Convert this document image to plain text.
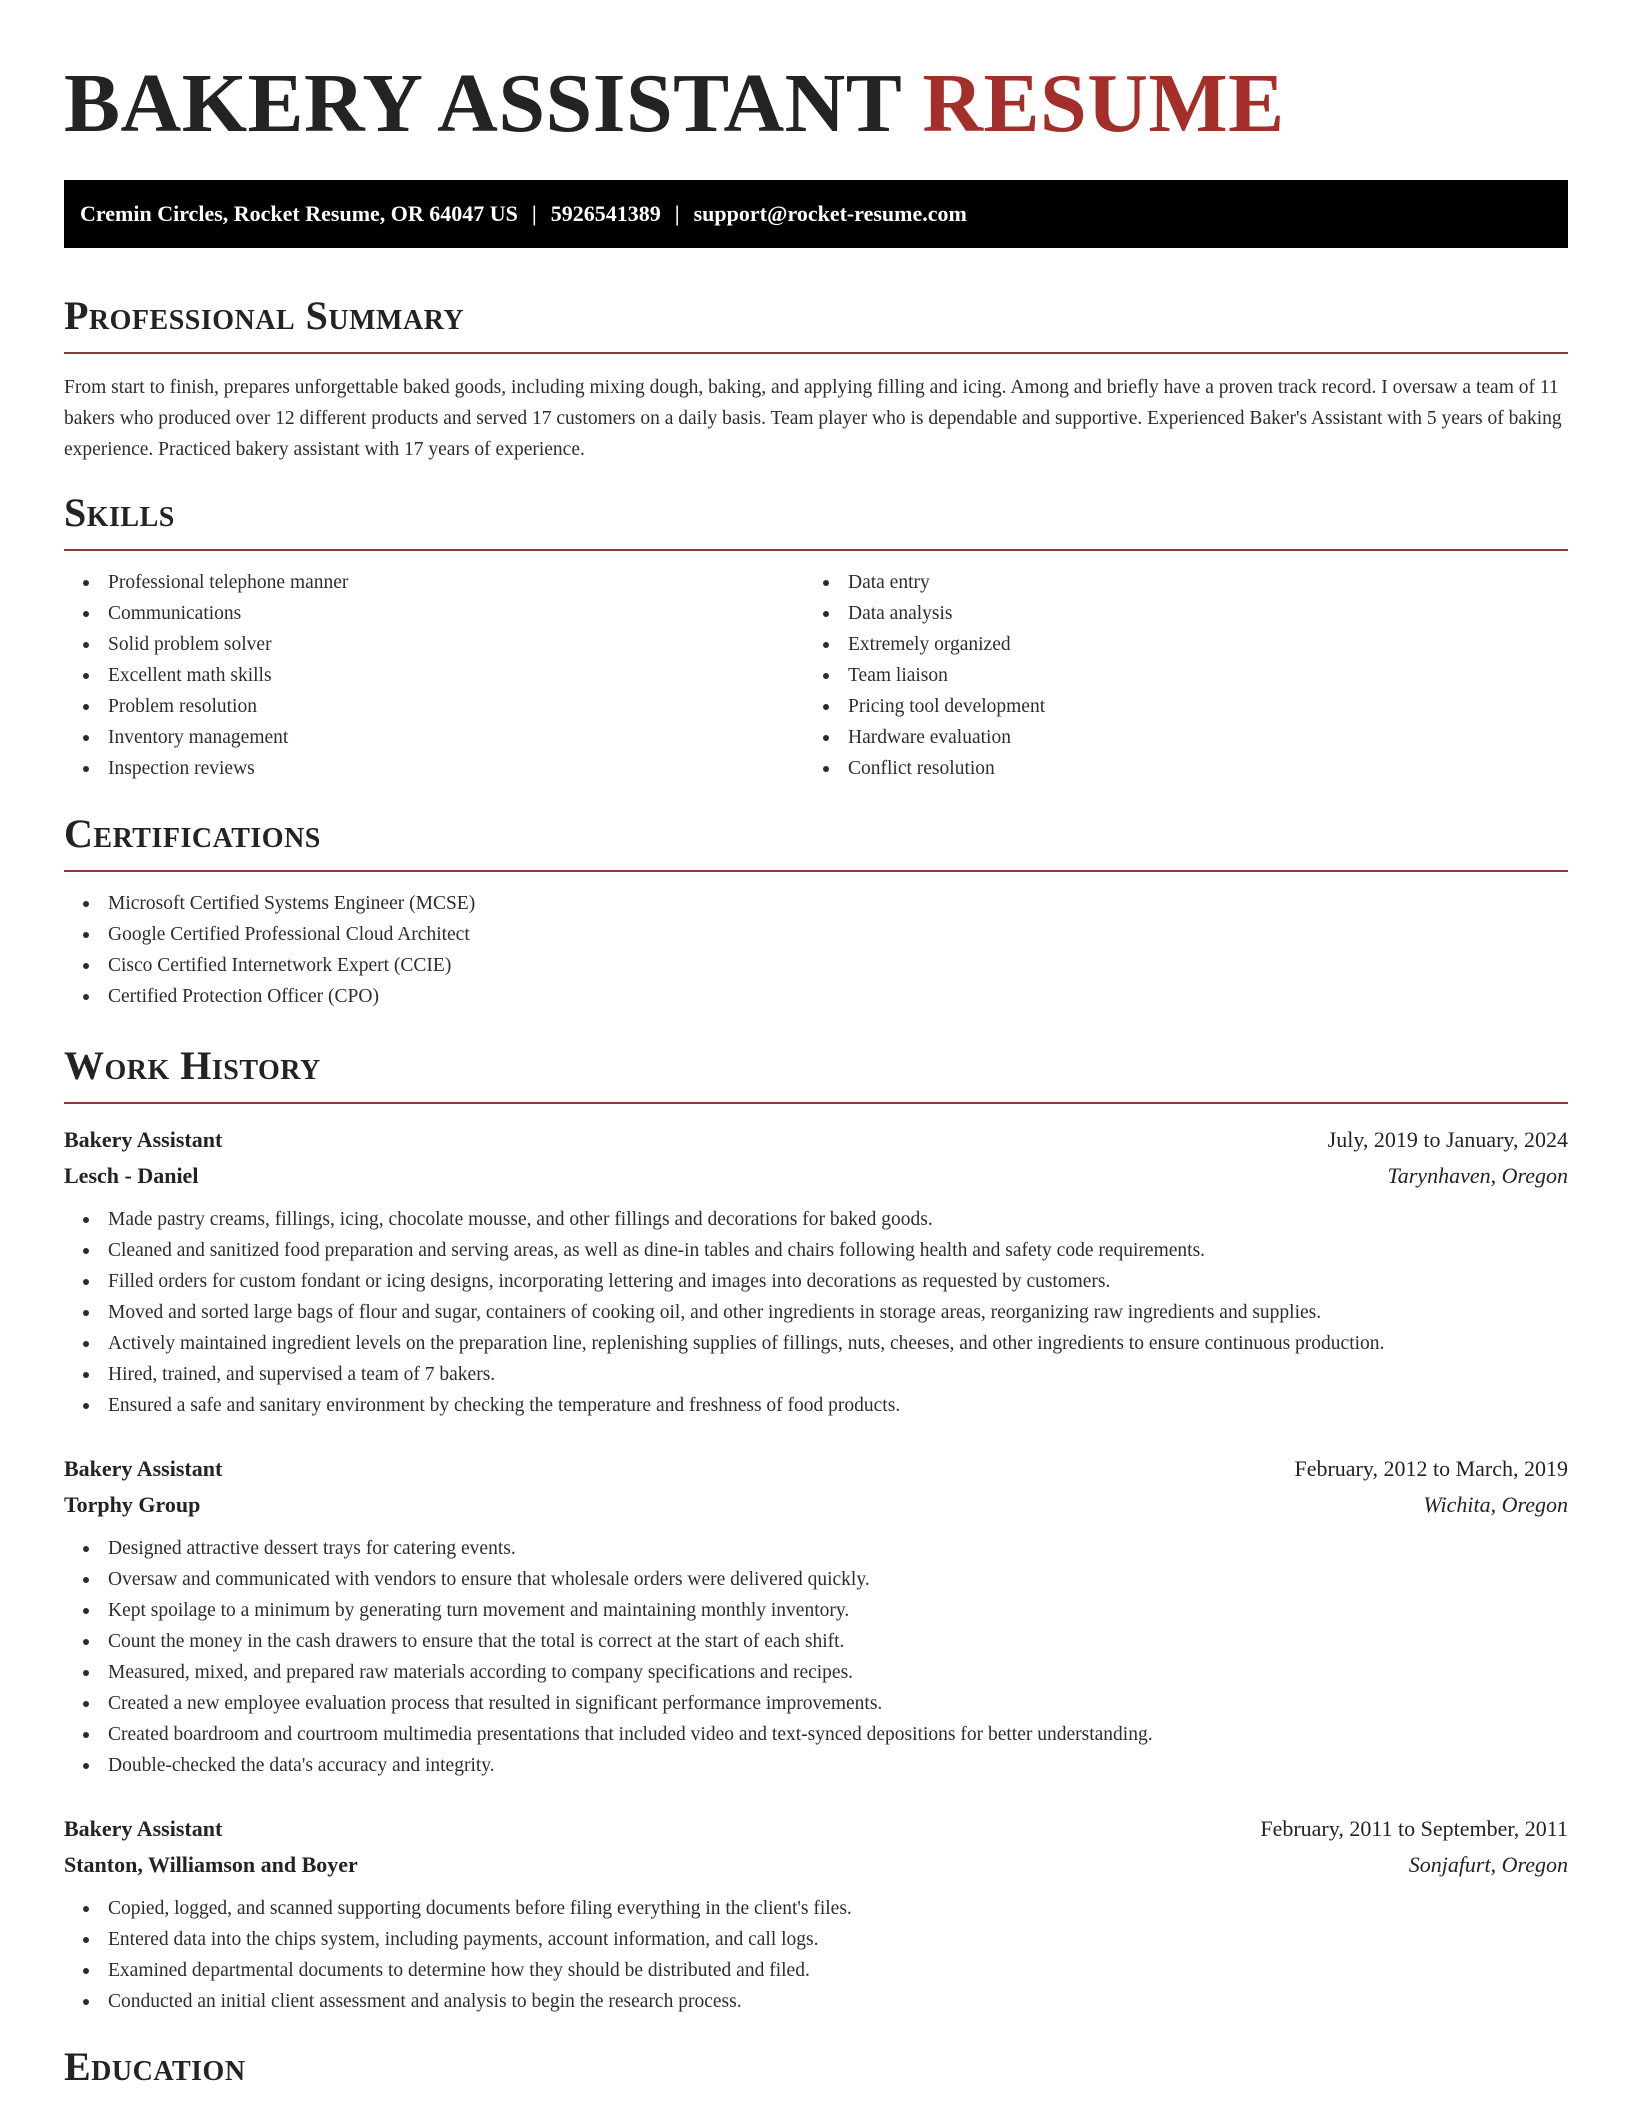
BAKERY ASSISTANT RESUME
Cremin Circles, Rocket Resume, OR 64047 US | 5926541389 | support@rocket-resume.com
Professional Summary

From start to finish, prepares unforgettable baked goods, including mixing dough, baking, and applying filling and icing. Among and briefly have a proven track record. I oversaw a team of 11 bakers who produced over 12 different products and served 17 customers on a daily basis. Team player who is dependable and supportive. Experienced Baker's Assistant with 5 years of baking experience. Practiced bakery assistant with 17 years of experience.

Skills
Professional telephone manner
Communications
Solid problem solver
Excellent math skills
Problem resolution
Inventory management
Inspection reviews
Data entry
Data analysis
Extremely organized
Team liaison
Pricing tool development
Hardware evaluation
Conflict resolution
Certifications
Microsoft Certified Systems Engineer (MCSE)
Google Certified Professional Cloud Architect
Cisco Certified Internetwork Expert (CCIE)
Certified Protection Officer (CPO)
Work History
Bakery Assistant	July, 2019 to January, 2024
Lesch - Daniel	Tarynhaven, Oregon
Made pastry creams, fillings, icing, chocolate mousse, and other fillings and decorations for baked goods.
Cleaned and sanitized food preparation and serving areas, as well as dine-in tables and chairs following health and safety code requirements.
Filled orders for custom fondant or icing designs, incorporating lettering and images into decorations as requested by customers.
Moved and sorted large bags of flour and sugar, containers of cooking oil, and other ingredients in storage areas, reorganizing raw ingredients and supplies.
Actively maintained ingredient levels on the preparation line, replenishing supplies of fillings, nuts, cheeses, and other ingredients to ensure continuous production.
Hired, trained, and supervised a team of 7 bakers.
Ensured a safe and sanitary environment by checking the temperature and freshness of food products.
Bakery Assistant	February, 2012 to March, 2019
Torphy Group	Wichita, Oregon
Designed attractive dessert trays for catering events.
Oversaw and communicated with vendors to ensure that wholesale orders were delivered quickly.
Kept spoilage to a minimum by generating turn movement and maintaining monthly inventory.
Count the money in the cash drawers to ensure that the total is correct at the start of each shift.
Measured, mixed, and prepared raw materials according to company specifications and recipes.
Created a new employee evaluation process that resulted in significant performance improvements.
Created boardroom and courtroom multimedia presentations that included video and text-synced depositions for better understanding.
Double-checked the data's accuracy and integrity.
Bakery Assistant	February, 2011 to September, 2011
Stanton, Williamson and Boyer	Sonjafurt, Oregon
Copied, logged, and scanned supporting documents before filing everything in the client's files.
Entered data into the chips system, including payments, account information, and call logs.
Examined departmental documents to determine how they should be distributed and filed.
Conducted an initial client assessment and analysis to begin the research process.
Education
